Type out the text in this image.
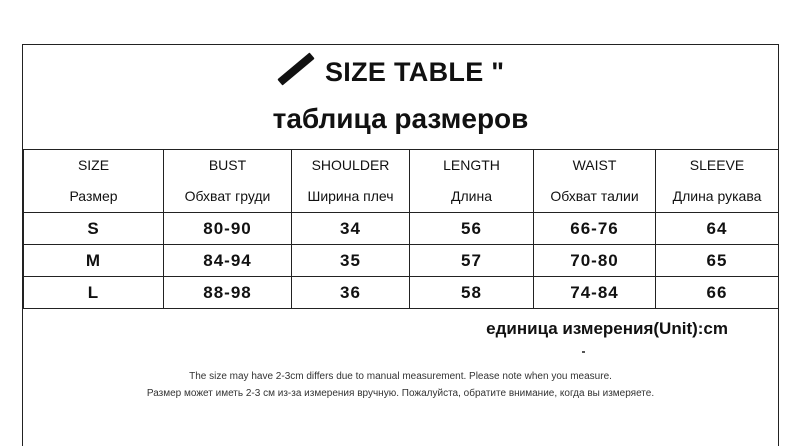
SIZE TABLE "
таблица размеров
SIZE	BUST	SHOULDER	LENGTH	WAIST	SLEEVE
Размер	Обхват груди	Ширина плеч	Длина	Обхват талии	Длина рукава
S	80-90	34	56	66-76	64
M	84-94	35	57	70-80	65
L	88-98	36	58	74-84	66
единица измерения(Unit):cm
The size may have 2-3cm differs due to manual measurement. Please note when you measure.
Размер может иметь 2-3 см из-за измерения вручную. Пожалуйста, обратите внимание, когда вы измеряете.
